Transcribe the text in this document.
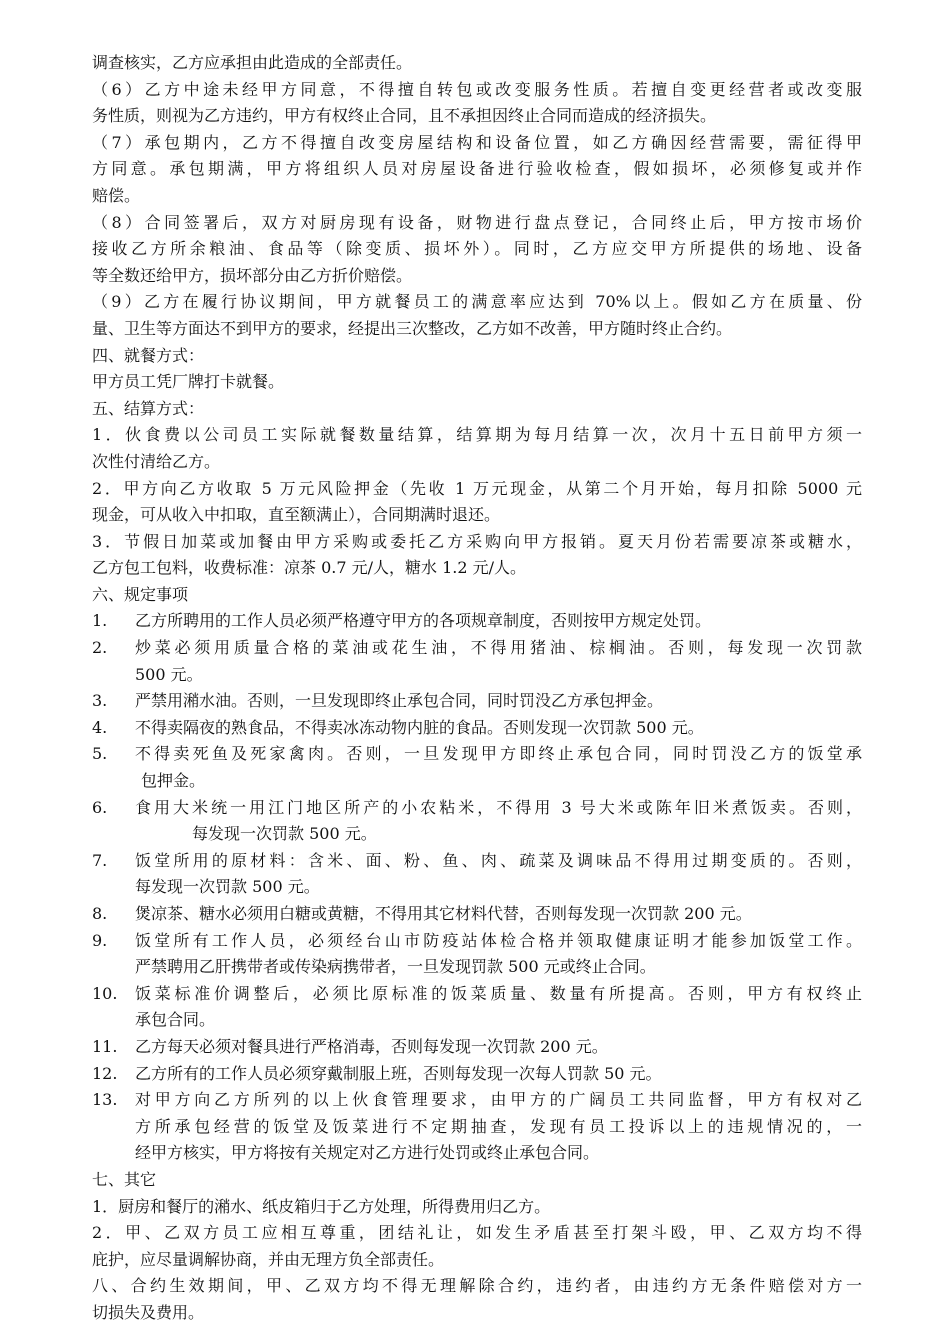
调查核实，乙方应承担由此造成的全部责任。
（6）乙方中途未经甲方同意，不得擅自转包或改变服务性质。若擅自变更经营者或改变服
务性质，则视为乙方违约，甲方有权终止合同，且不承担因终止合同而造成的经济损失。
（7）承包期内，乙方不得擅自改变房屋结构和设备位置，如乙方确因经营需要，需征得甲
方同意。承包期满，甲方将组织人员对房屋设备进行验收检查，假如损坏，必须修复或并作
赔偿。
（8）合同签署后，双方对厨房现有设备，财物进行盘点登记，合同终止后，甲方按市场价
接收乙方所余粮油、食品等（除变质、损坏外）。同时，乙方应交甲方所提供的场地、设备
等全数还给甲方，损坏部分由乙方折价赔偿。
（9）乙方在履行协议期间，甲方就餐员工的满意率应达到 70%以上。假如乙方在质量、份
量、卫生等方面达不到甲方的要求，经提出三次整改，乙方如不改善，甲方随时终止合约。
四、就餐方式：
甲方员工凭厂牌打卡就餐。
五、结算方式：
1．伙食费以公司员工实际就餐数量结算，结算期为每月结算一次，次月十五日前甲方须一
次性付清给乙方。
2．甲方向乙方收取 5 万元风险押金（先收 1 万元现金，从第二个月开始，每月扣除 5000 元
现金，可从收入中扣取，直至额满止），合同期满时退还。
3．节假日加菜或加餐由甲方采购或委托乙方采购向甲方报销。夏天月份若需要凉茶或糖水，
乙方包工包料，收费标准：凉茶 0.7 元/人，糖水 1.2 元/人。
六、规定事项
1.	乙方所聘用的工作人员必须严格遵守甲方的各项规章制度，否则按甲方规定处罚。
2.	炒菜必须用质量合格的菜油或花生油，不得用猪油、棕榈油。否则，每发现一次罚款
500 元。
3.	严禁用潲水油。否则，一旦发现即终止承包合同，同时罚没乙方承包押金。
4.	不得卖隔夜的熟食品，不得卖冰冻动物内脏的食品。否则发现一次罚款 500 元。
5.	不得卖死鱼及死家禽肉。否则，一旦发现甲方即终止承包合同，同时罚没乙方的饭堂承
包押金。
6.	食用大米统一用江门地区所产的小农粘米，不得用 3 号大米或陈年旧米煮饭卖。否则，
每发现一次罚款 500 元。
7.	饭堂所用的原材料：含米、面、粉、鱼、肉、疏菜及调味品不得用过期变质的。否则，
每发现一次罚款 500 元。
8.	煲凉茶、糖水必须用白糖或黄糖，不得用其它材料代替，否则每发现一次罚款 200 元。
9.	饭堂所有工作人员，必须经台山市防疫站体检合格并领取健康证明才能参加饭堂工作。
严禁聘用乙肝携带者或传染病携带者，一旦发现罚款 500 元或终止合同。
10.	饭菜标准价调整后，必须比原标准的饭菜质量、数量有所提高。否则，甲方有权终止
承包合同。
11.	乙方每天必须对餐具进行严格消毒，否则每发现一次罚款 200 元。
12.	乙方所有的工作人员必须穿戴制服上班，否则每发现一次每人罚款 50 元。
13.	对甲方向乙方所列的以上伙食管理要求，由甲方的广阔员工共同监督，甲方有权对乙
方所承包经营的饭堂及饭菜进行不定期抽查，发现有员工投诉以上的违规情况的，一
经甲方核实，甲方将按有关规定对乙方进行处罚或终止承包合同。
七、其它
1．厨房和餐厅的潲水、纸皮箱归于乙方处理，所得费用归乙方。
2．甲、乙双方员工应相互尊重，团结礼让，如发生矛盾甚至打架斗殴，甲、乙双方均不得
庇护，应尽量调解协商，并由无理方负全部责任。
八、合约生效期间，甲、乙双方均不得无理解除合约，违约者，由违约方无条件赔偿对方一
切损失及费用。
